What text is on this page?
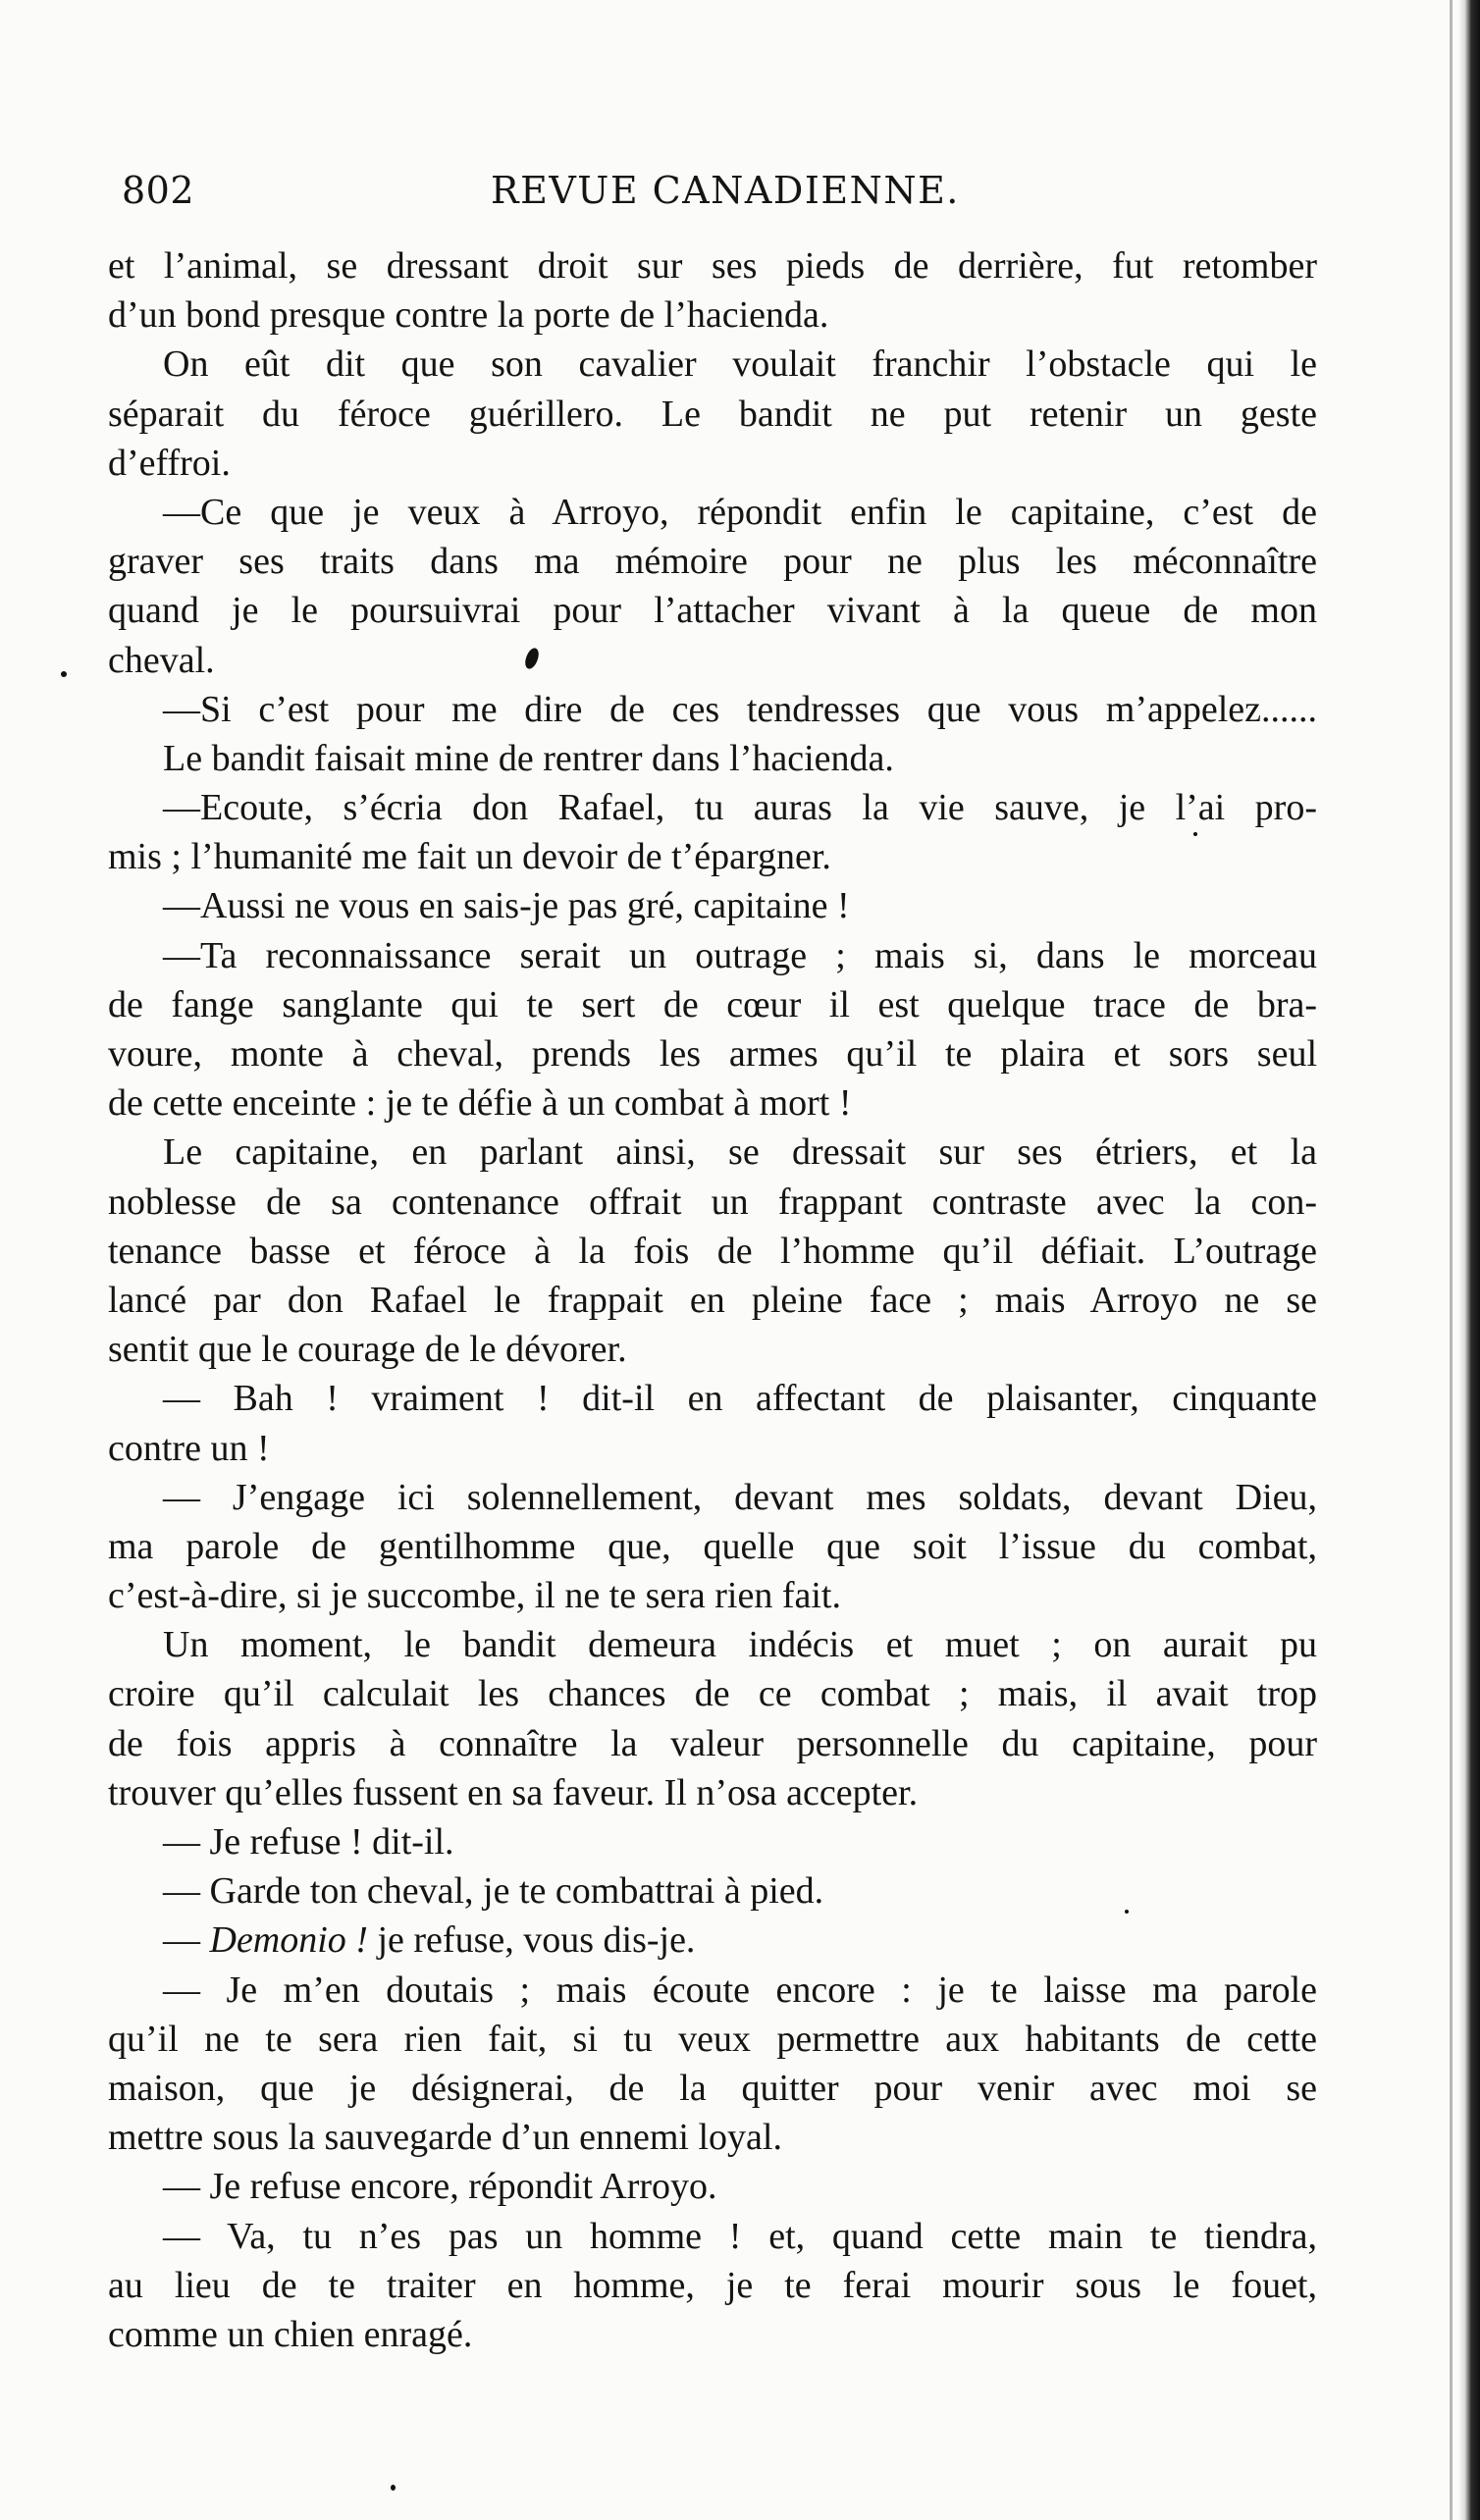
802	REVUE CANADIENNE.
et l’animal, se dressant droit sur ses pieds de derrière, fut retomber
d’un bond presque contre la porte de l’hacienda.
On eût dit que son cavalier voulait franchir l’obstacle qui le
séparait du féroce guérillero. Le bandit ne put retenir un geste
d’effroi.
—Ce que je veux à Arroyo, répondit enfin le capitaine, c’est de
graver ses traits dans ma mémoire pour ne plus les méconnaître
quand je le poursuivrai pour l’attacher vivant à la queue de mon
cheval.
—Si c’est pour me dire de ces tendresses que vous m’appelez......
Le bandit faisait mine de rentrer dans l’hacienda.
—Ecoute, s’écria don Rafael, tu auras la vie sauve, je l’ai pro-
mis ; l’humanité me fait un devoir de t’épargner.
—Aussi ne vous en sais-je pas gré, capitaine !
—Ta reconnaissance serait un outrage ; mais si, dans le morceau
de fange sanglante qui te sert de cœur il est quelque trace de bra-
voure, monte à cheval, prends les armes qu’il te plaira et sors seul
de cette enceinte : je te défie à un combat à mort !
Le capitaine, en parlant ainsi, se dressait sur ses étriers, et la
noblesse de sa contenance offrait un frappant contraste avec la con-
tenance basse et féroce à la fois de l’homme qu’il défiait. L’outrage
lancé par don Rafael le frappait en pleine face ; mais Arroyo ne se
sentit que le courage de le dévorer.
— Bah ! vraiment ! dit-il en affectant de plaisanter, cinquante
contre un !
— J’engage ici solennellement, devant mes soldats, devant Dieu,
ma parole de gentilhomme que, quelle que soit l’issue du combat,
c’est-à-dire, si je succombe, il ne te sera rien fait.
Un moment, le bandit demeura indécis et muet ; on aurait pu
croire qu’il calculait les chances de ce combat ; mais, il avait trop
de fois appris à connaître la valeur personnelle du capitaine, pour
trouver qu’elles fussent en sa faveur. Il n’osa accepter.
— Je refuse ! dit-il.
— Garde ton cheval, je te combattrai à pied.
— Demonio ! je refuse, vous dis-je.
— Je m’en doutais ; mais écoute encore : je te laisse ma parole
qu’il ne te sera rien fait, si tu veux permettre aux habitants de cette
maison, que je désignerai, de la quitter pour venir avec moi se
mettre sous la sauvegarde d’un ennemi loyal.
— Je refuse encore, répondit Arroyo.
— Va, tu n’es pas un homme ! et, quand cette main te tiendra,
au lieu de te traiter en homme, je te ferai mourir sous le fouet,
comme un chien enragé.
